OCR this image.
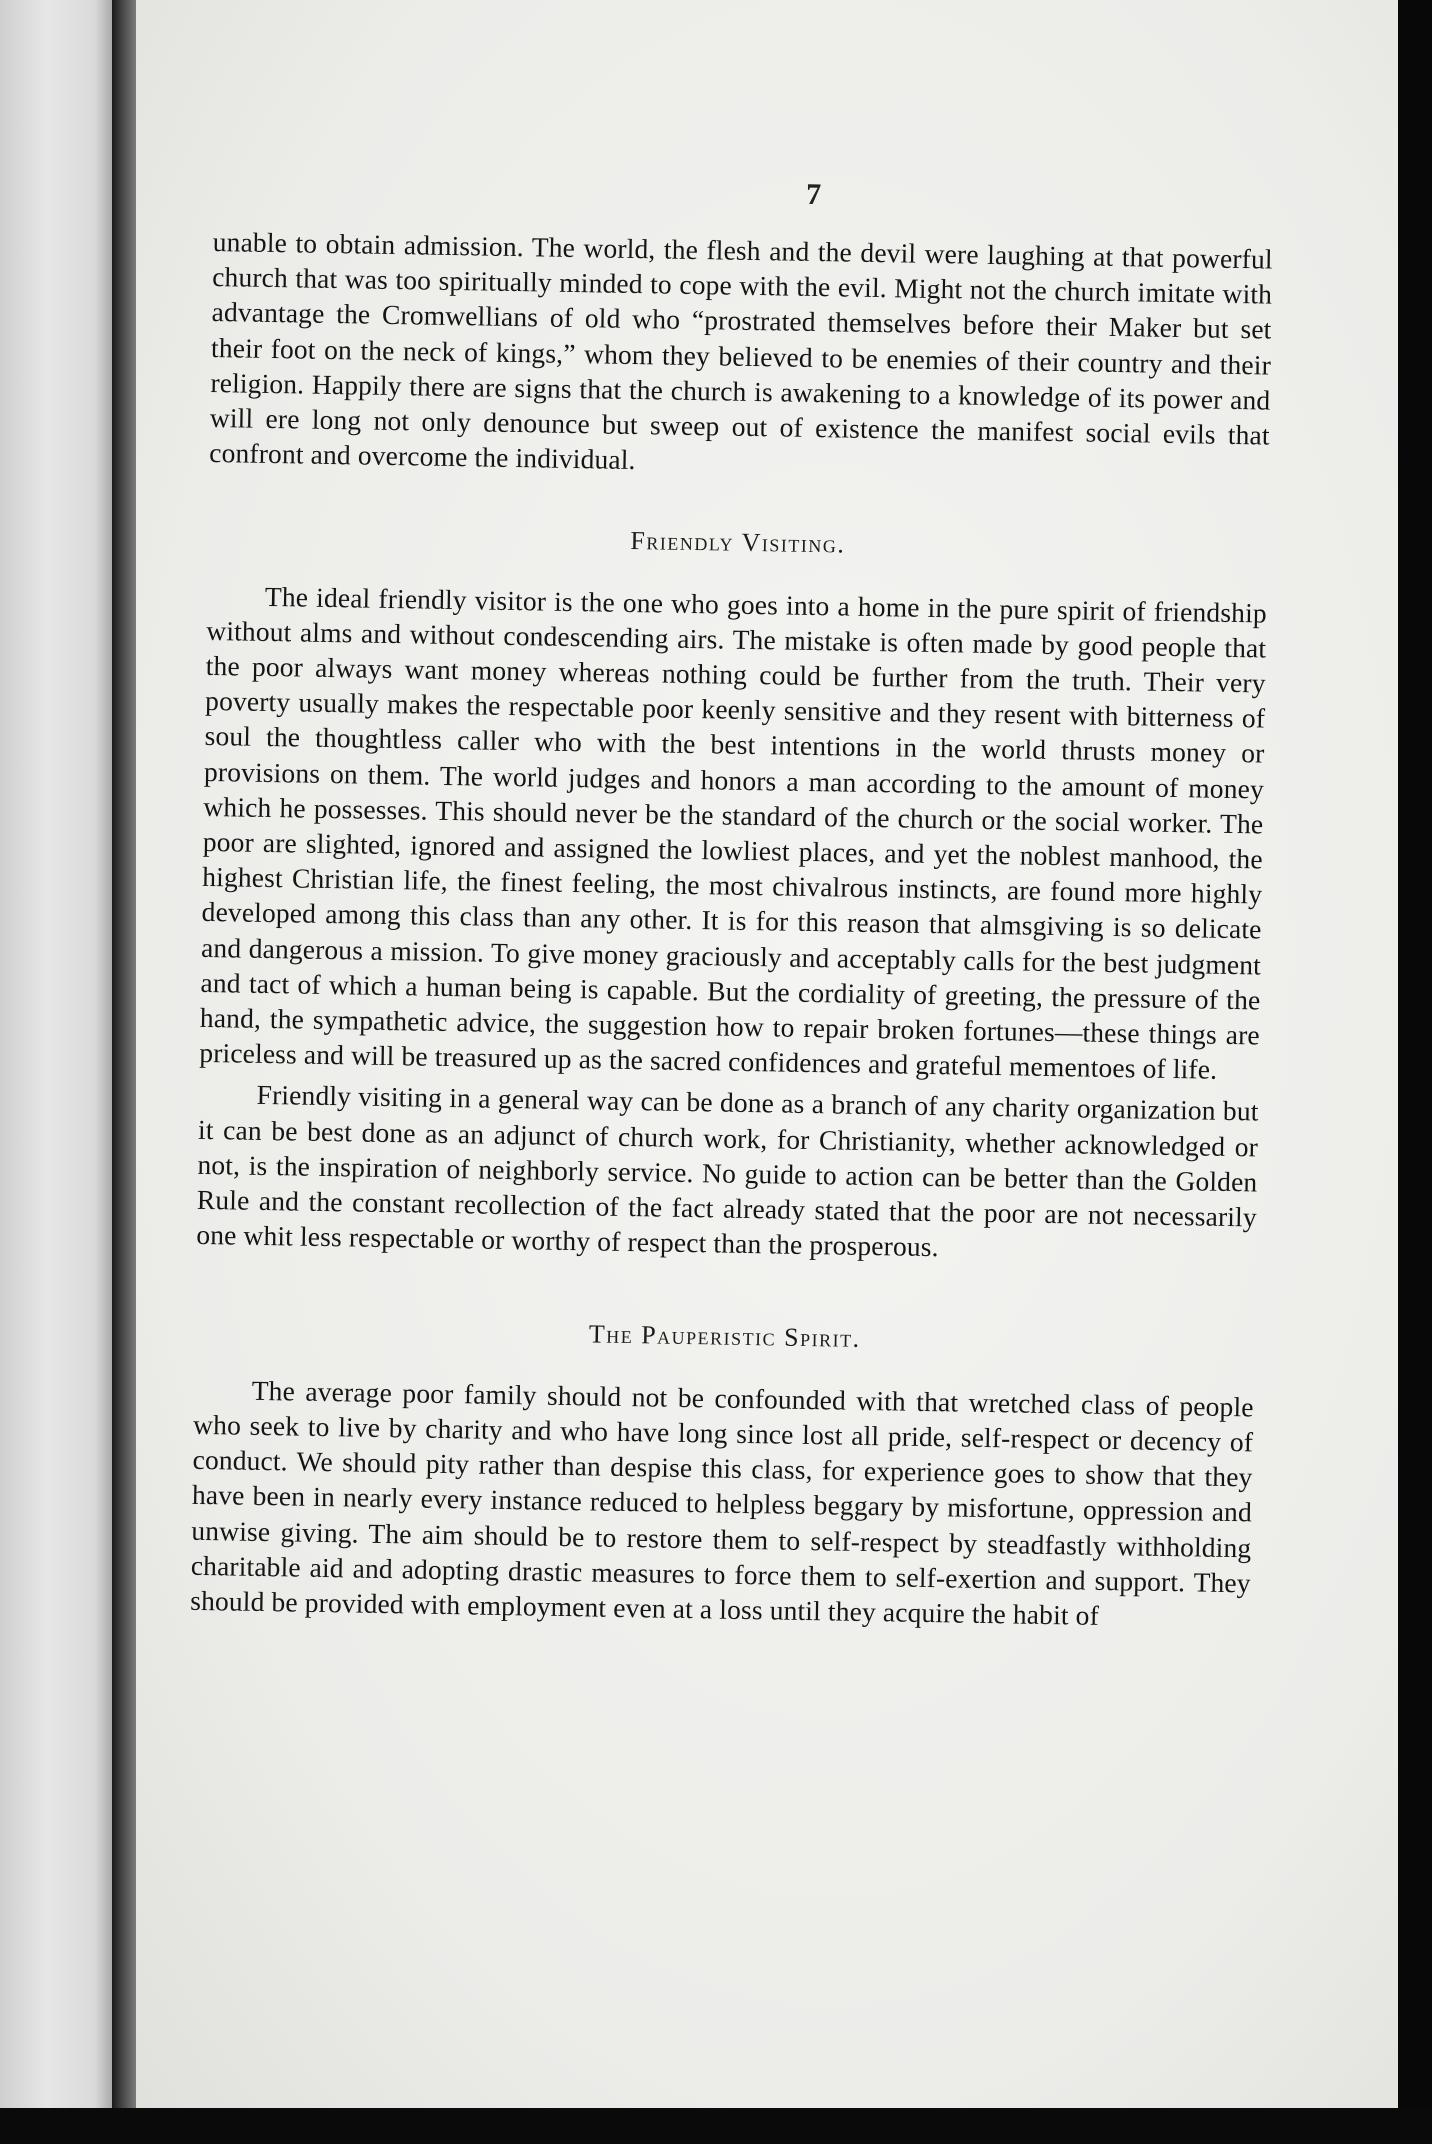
7

unable to obtain admission. The world, the flesh and the devil were laughing at that powerful church that was too spiritually minded to cope with the evil. Might not the church imitate with advantage the Cromwellians of old who “prostrated themselves before their Maker but set their foot on the neck of kings,” whom they believed to be enemies of their country and their religion. Happily there are signs that the church is awakening to a knowledge of its power and will ere long not only denounce but sweep out of existence the manifest social evils that confront and overcome the individual.

Friendly Visiting.

The ideal friendly visitor is the one who goes into a home in the pure spirit of friendship without alms and without condescending airs. The mistake is often made by good people that the poor always want money whereas nothing could be further from the truth. Their very poverty usually makes the respectable poor keenly sensitive and they resent with bitterness of soul the thoughtless caller who with the best intentions in the world thrusts money or provisions on them. The world judges and honors a man according to the amount of money which he possesses. This should never be the standard of the church or the social worker. The poor are slighted, ignored and assigned the lowliest places, and yet the noblest manhood, the highest Christian life, the finest feeling, the most chivalrous instincts, are found more highly developed among this class than any other. It is for this reason that almsgiving is so delicate and dangerous a mission. To give money graciously and acceptably calls for the best judgment and tact of which a human being is capable. But the cordiality of greeting, the pressure of the hand, the sympathetic advice, the suggestion how to repair broken fortunes—these things are priceless and will be treasured up as the sacred confidences and grateful mementoes of life.

Friendly visiting in a general way can be done as a branch of any charity organization but it can be best done as an adjunct of church work, for Christianity, whether acknowledged or not, is the inspiration of neighborly service. No guide to action can be better than the Golden Rule and the constant recollection of the fact already stated that the poor are not necessarily one whit less respectable or worthy of respect than the prosperous.

The Pauperistic Spirit.

The average poor family should not be confounded with that wretched class of people who seek to live by charity and who have long since lost all pride, self-respect or decency of conduct. We should pity rather than despise this class, for experience goes to show that they have been in nearly every instance reduced to helpless beggary by misfortune, oppression and unwise giving. The aim should be to restore them to self-respect by steadfastly withholding charitable aid and adopting drastic measures to force them to self-exertion and support. They should be provided with employment even at a loss until they acquire the habit of
